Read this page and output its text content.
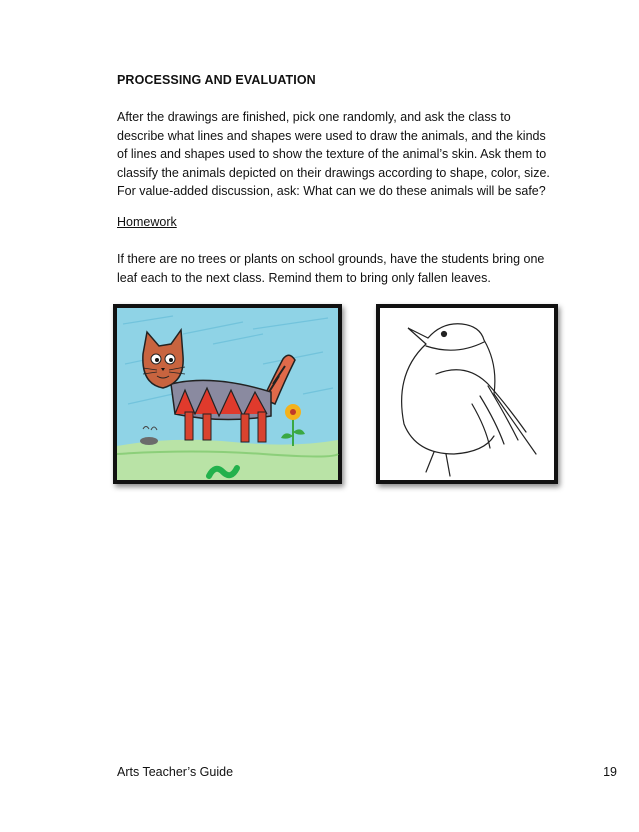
PROCESSING AND EVALUATION
After the drawings are finished, pick one randomly, and ask the class to describe what lines and shapes were used to draw the animals, and the kinds of lines and shapes used to show the texture of the animal’s skin. Ask them to classify the animals depicted on their drawings according to shape, color, size. For value-added discussion, ask: What can we do these animals will be safe?
Homework
If there are no trees or plants on school grounds, have the students bring one leaf each to the next class. Remind them to bring only fallen leaves.
Arts Teacher’s Guide	19
